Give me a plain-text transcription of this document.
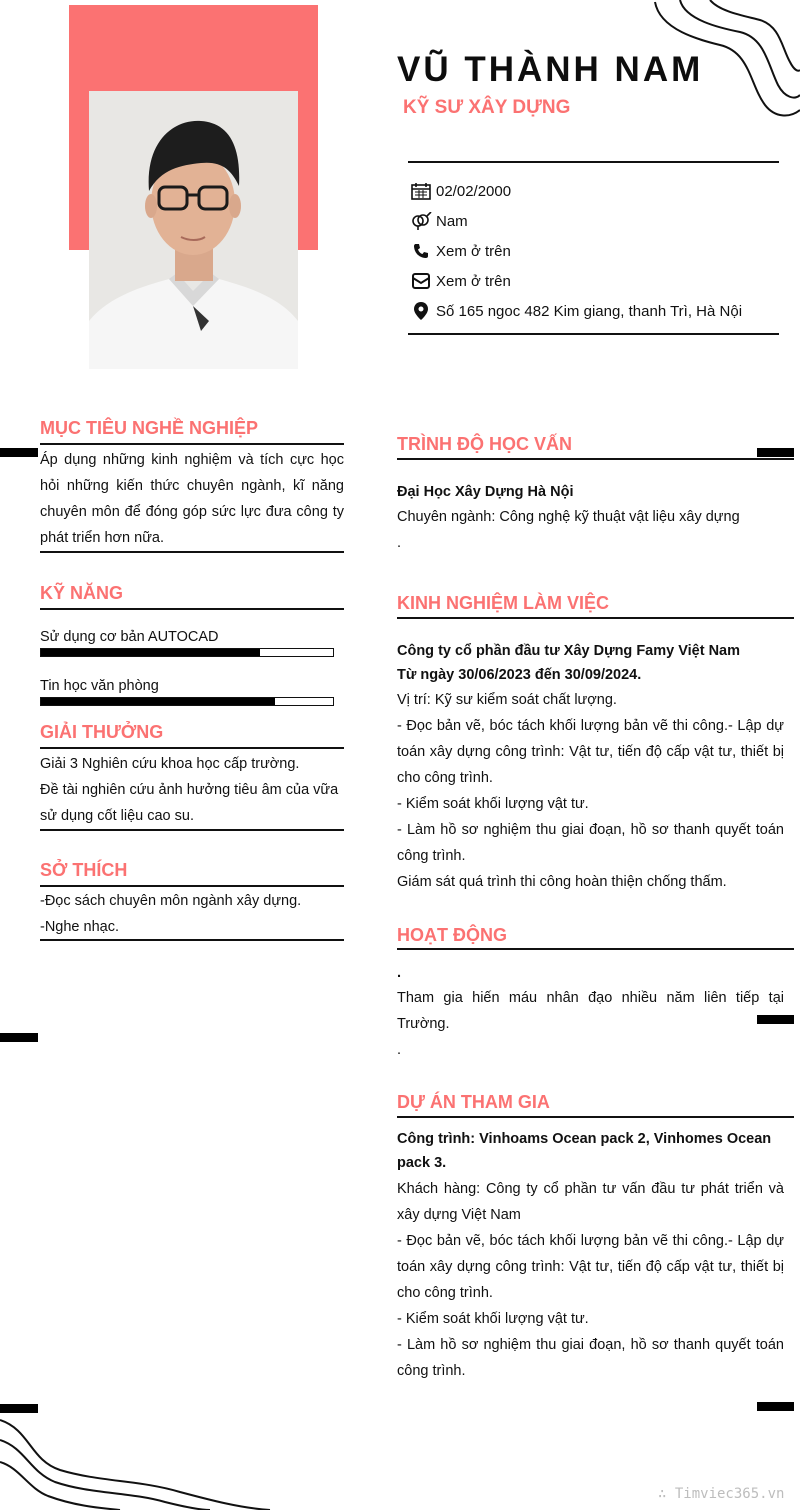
VŨ THÀNH NAM
KỸ SƯ XÂY DỰNG
02/02/2000
Nam
Xem ở trên
Xem ở trên
Số 165 ngoc 482 Kim giang, thanh Trì, Hà Nội
MỤC TIÊU NGHỀ NGHIỆP
Áp dụng những kinh nghiệm và tích cực học hỏi những kiến thức chuyên ngành, kĩ năng chuyên môn để đóng góp sức lực đưa công ty phát triển hơn nữa.
KỸ NĂNG
Sử dụng cơ bản AUTOCAD
Tin học văn phòng
GIẢI THƯỞNG
Giải 3 Nghiên cứu khoa học cấp trường.
Đề tài nghiên cứu ảnh hưởng tiêu âm của vữa sử dụng cốt liệu cao su.
SỞ THÍCH
-Đọc sách chuyên môn ngành xây dựng.
-Nghe nhạc.
TRÌNH ĐỘ HỌC VẤN
Đại Học Xây Dựng Hà Nội
Chuyên ngành: Công nghệ kỹ thuật vật liệu xây dựng
.
KINH NGHIỆM LÀM VIỆC
Công ty cổ phần đầu tư Xây Dựng Famy Việt Nam
Từ ngày 30/06/2023 đến 30/09/2024.
Vị trí: Kỹ sư kiểm soát chất lượng.
- Đọc bản vẽ, bóc tách khối lượng bản vẽ thi công.- Lập dự toán xây dựng công trình: Vật tư, tiến độ cấp vật tư, thiết bị cho công trình.
- Kiểm soát khối lượng vật tư.
- Làm hồ sơ nghiệm thu giai đoạn, hồ sơ thanh quyết toán công trình.
Giám sát quá trình thi công hoàn thiện chống thấm.
HOẠT ĐỘNG
.
Tham gia hiến máu nhân đạo nhiều năm liên tiếp tại Trường.
.
DỰ ÁN THAM GIA
Công trình: Vinhoams Ocean pack 2, Vinhomes Ocean pack 3.
Khách hàng: Công ty cổ phần tư vấn đầu tư phát triển và xây dựng Việt Nam
- Đọc bản vẽ, bóc tách khối lượng bản vẽ thi công.- Lập dự toán xây dựng công trình: Vật tư, tiến độ cấp vật tư, thiết bị cho công trình.
- Kiểm soát khối lượng vật tư.
- Làm hồ sơ nghiệm thu giai đoạn, hồ sơ thanh quyết toán công trình.
∴ Timviec365.vn
